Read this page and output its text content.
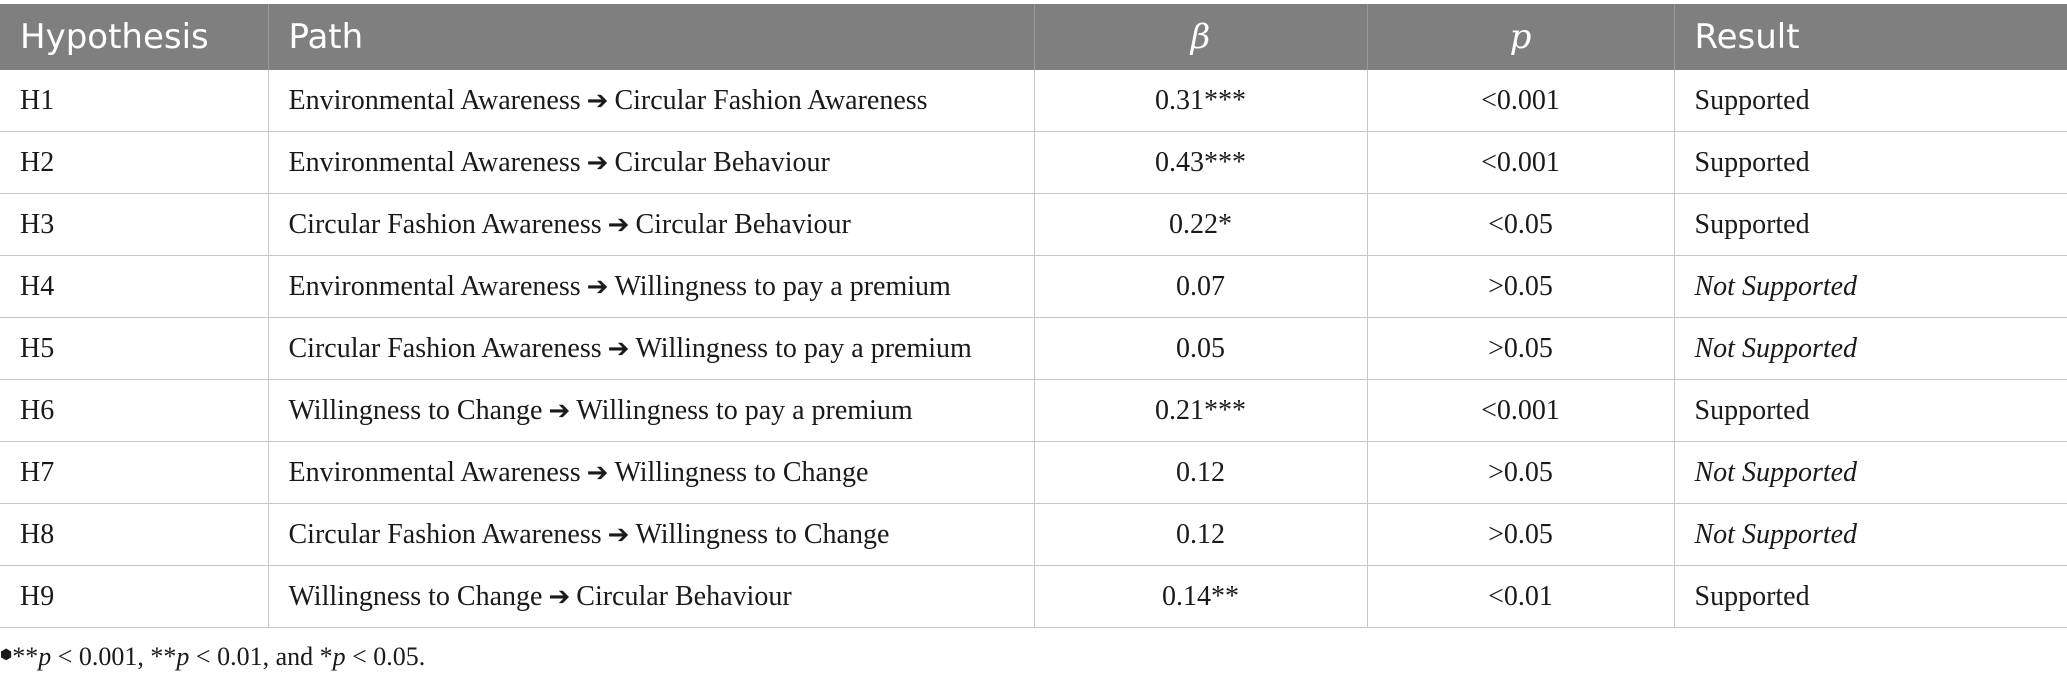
Hypothesis	Path	β	p	Result
H1	Environmental Awareness ➔ Circular Fashion Awareness	0.31***	<0.001	Supported
H2	Environmental Awareness ➔ Circular Behaviour	0.43***	<0.001	Supported
H3	Circular Fashion Awareness ➔ Circular Behaviour	0.22*	<0.05	Supported
H4	Environmental Awareness ➔ Willingness to pay a premium	0.07	>0.05	Not Supported
H5	Circular Fashion Awareness ➔ Willingness to pay a premium	0.05	>0.05	Not Supported
H6	Willingness to Change ➔ Willingness to pay a premium	0.21***	<0.001	Supported
H7	Environmental Awareness ➔ Willingness to Change	0.12	>0.05	Not Supported
H8	Circular Fashion Awareness ➔ Willingness to Change	0.12	>0.05	Not Supported
H9	Willingness to Change ➔ Circular Behaviour	0.14**	<0.01	Supported
⬢**p < 0.001, **p < 0.01, and *p < 0.05.
